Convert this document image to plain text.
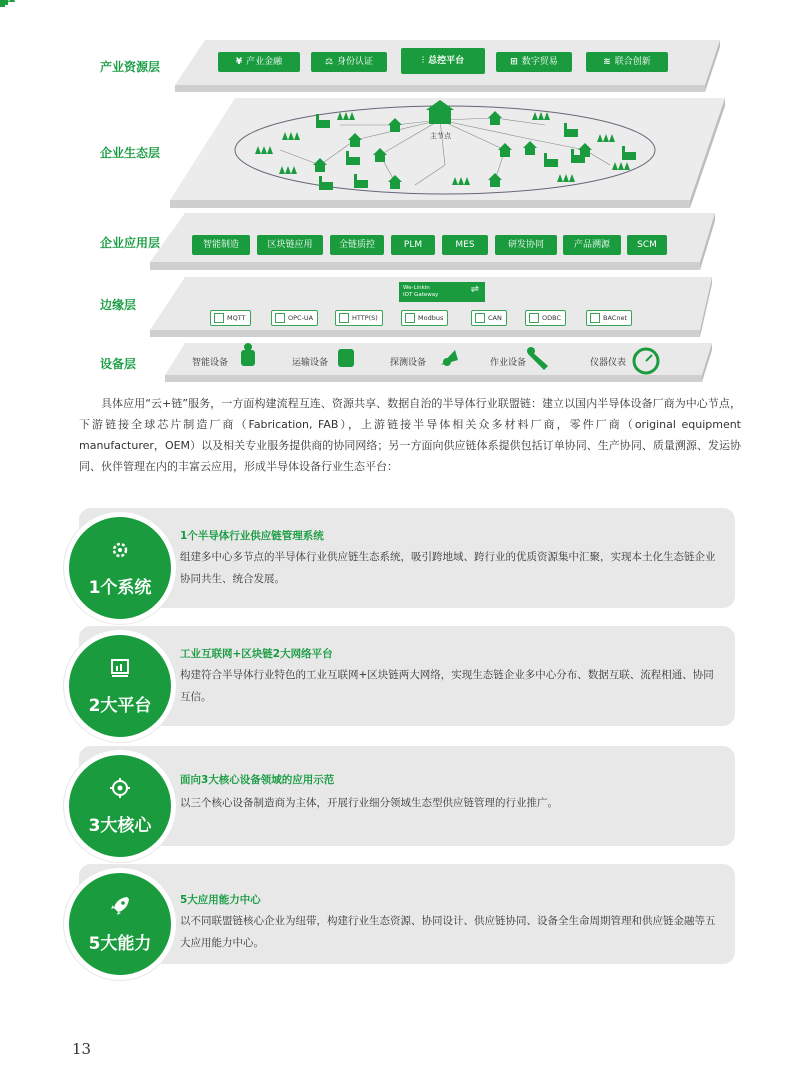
产业资源层
企业生态层
企业应用层
边缘层
设备层
¥ 产业金融	⚖ 身份认证	⫶ 总控平台	⊞ 数字贸易	≋ 联合创新
主节点
智能制造	区块链应用	全链质控	PLM	MES	研发协同	产品溯源	SCM
We-Linkin
IOT Gateway	⇌
MQTT	OPC-UA	HTTP(S)	Modbus	CAN	ODBC	BACnet
智能设备	运输设备	探测设备	作业设备	仪器仪表
具体应用“云+链”服务，一方面构建流程互连、资源共享、数据自治的半导体行业联盟链：建立以国内半导体设备厂商为中心节点，下游链接全球芯片制造厂商（Fabrication, FAB），上游链接半导体相关众多材料厂商，零件厂商（original equipment manufacturer，OEM）以及相关专业服务提供商的协同网络；另一方面向供应链体系提供包括订单协同、生产协同、质量溯源、发运协同、伙伴管理在内的丰富云应用，形成半导体设备行业生态平台：
1个系统
1个半导体行业供应链管理系统
组建多中心多节点的半导体行业供应链生态系统，吸引跨地域、跨行业的优质资源集中汇聚，实现本土化生态链企业协同共生、统合发展。
2大平台
工业互联网+区块链2大网络平台
构建符合半导体行业特色的工业互联网+区块链两大网络，实现生态链企业多中心分布、数据互联、流程相通、协同互信。
3大核心
面向3大核心设备领域的应用示范
以三个核心设备制造商为主体，开展行业细分领域生态型供应链管理的行业推广。
5大能力
5大应用能力中心
以不同联盟链核心企业为纽带，构建行业生态资源、协同设计、供应链协同、设备全生命周期管理和供应链金融等五大应用能力中心。
13
